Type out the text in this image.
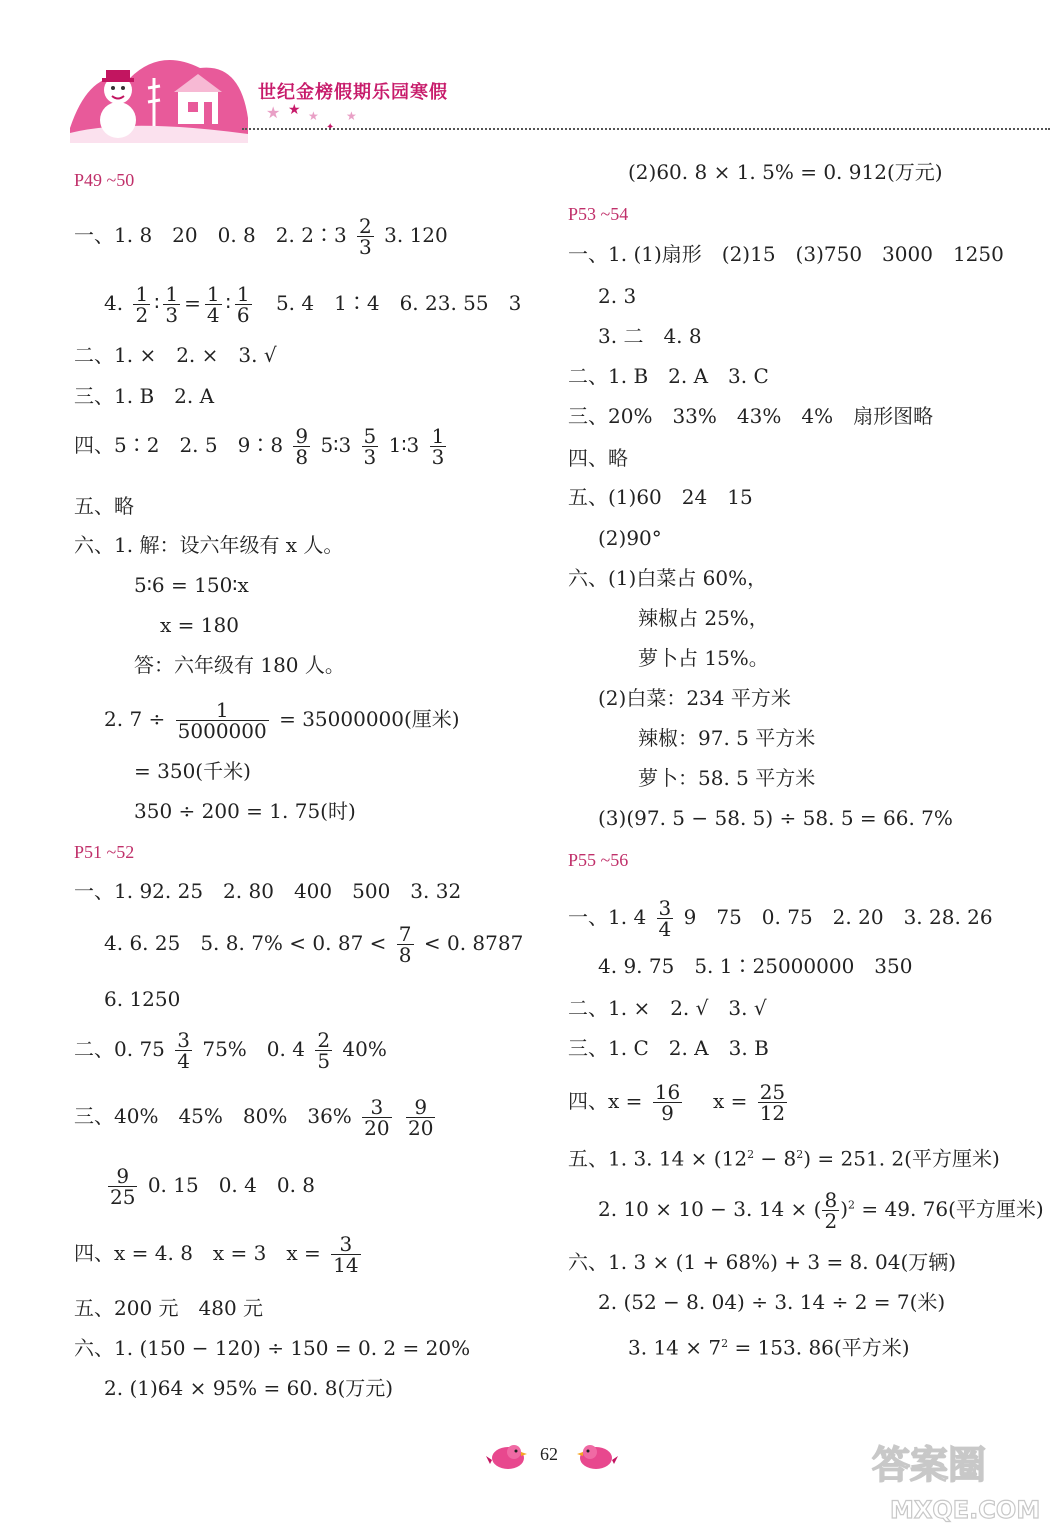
世纪金榜假期乐园寒假
★ ★ ★
✦
★
P49 ~50
一、1. 8　20　0. 8　2. 2∶3 $\frac{2}{3} 3$. 120
4. $\frac{1}{2}$ ∶ $\frac{1}{3} = \frac{1}{4}$ ∶ $\frac{1}{6} 5$. 4　1∶4　6. 23. 55　3
二、1. ×　2. ×　3. √
三、1. B　2. A
四、5∶2　2. 5　9∶8 $\frac{9}{8}$ 5∶3 $\frac{5}{3}$ 1∶3 $\frac{1}{3}$
五、略
六、1. 解：设六年级有 x 人。
5∶6 = 150∶x
x = 180
答：六年级有 180 人。
2. $7 \div \frac{1}{5000000} = 35000000$(厘米)
= 350(千米)
350 ÷ 200 = 1. 75(时)
P51 ~52
一、1. 92. 25　2. 80　400　500　3. 32
4. 6. 25　5. 8. 7% < 0. $87 < \frac{7}{8} < 0$. 8787
6. 1250
二、0. $75 \frac{3}{4} 75\%$　0. $4 \frac{2}{5} 40\%$
三、40%　45%　80%　$36\% \frac{3}{20}$
$\frac{9}{20}$
$\frac{9}{25} 0$. 15　0. 4　0. 8
四、x = 4. 8　x = 3　$x = \frac{3}{14}$
五、200 元　480 元
六、1. (150 − 120) ÷ 150 = 0. 2 = 20%
2. (1)64 × 95% = 60. 8(万元)
(2)60. 8 × 1. 5% = 0. 912(万元)
P53 ~54
一、1. (1)扇形　(2)15　(3)750　3000　1250
2. 3
3. 二　4. 8
二、1. B　2. A　3. C
三、20%　33%　43%　4%　扇形图略
四、略
五、(1)60　24　15
(2)90°
六、(1)白菜占 60%，
辣椒占 25%，
萝卜占 15%。
(2)白菜：234 平方米
辣椒：97. 5 平方米
萝卜：58. 5 平方米
(3)(97. 5 − 58. 5) ÷ 58. 5 = 66. 7%
P55 ~56
一、1. $4 \frac{3}{4} 9$　75　0. 75　2. 20　3. 28. 26
4. 9. 75　5. 1∶25000000　350
二、1. ×　2. √　3. √
三、1. C　2. A　3. B
四、$x = \frac{16}{9}$ $x = \frac{25}{12}$
五、1. 3. $14 \times (12^2 - 8^2) = 251$. 2(平方厘米)
2. 10 × 10 − 3. 14 × ( $\frac{8}{2} )^2 = 49$. 76(平方厘米)
六、1. 3 × (1 + 68%) + 3 = 8. 04(万辆)
2. (52 − 8. 04) ÷ 3. 14 ÷ 2 = 7(米)
3. $14 \times 7^2 = 153$. 86(平方米)
62	答案圈
MXQE.COM
